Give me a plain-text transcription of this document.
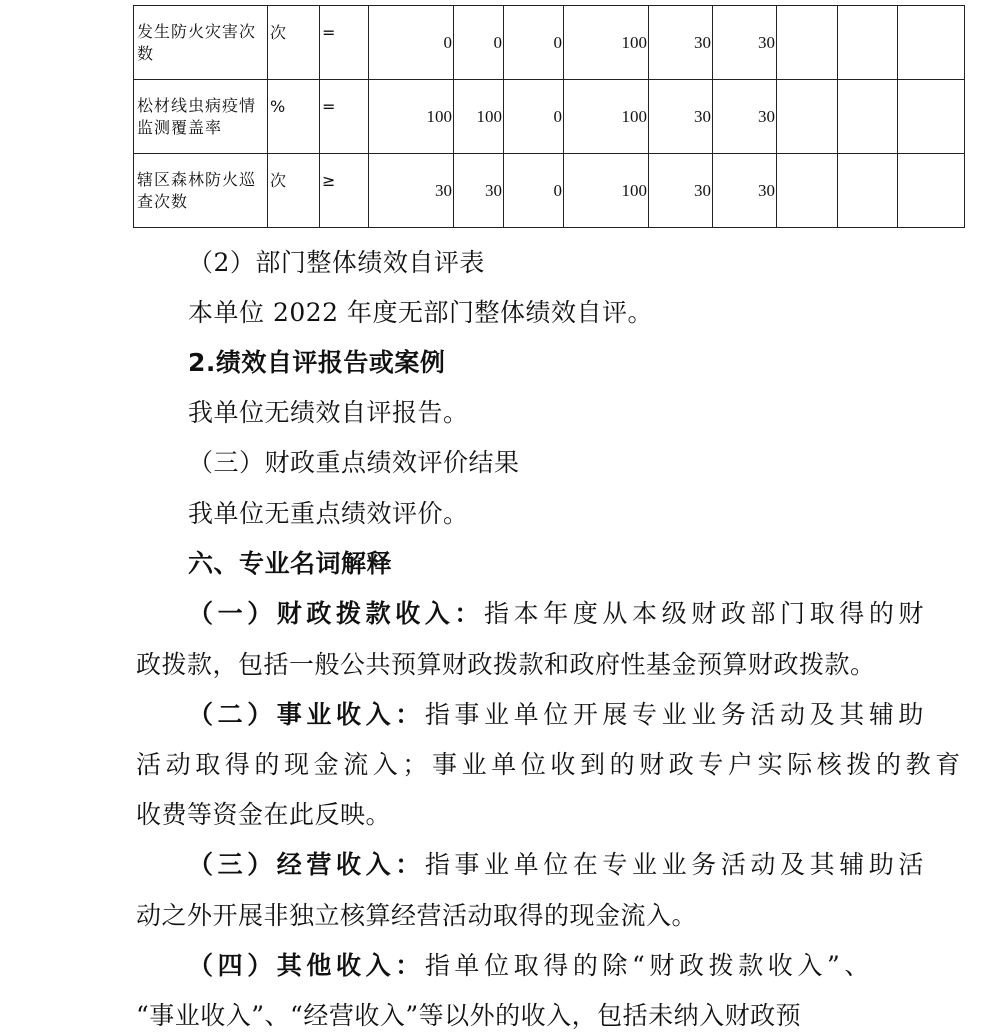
发生防火灾害次数	次	=	0	0	0	100	30	30			
松材线虫病疫情监测覆盖率	%	=	100	100	0	100	30	30			
辖区森林防火巡查次数	次	≥	30	30	0	100	30	30			
（2）部门整体绩效自评表
本单位 2022 年度无部门整体绩效自评。
2.绩效自评报告或案例
我单位无绩效自评报告。
（三）财政重点绩效评价结果
我单位无重点绩效评价。
六、专业名词解释
（一）财政拨款收入：指本年度从本级财政部门取得的财
政拨款，包括一般公共预算财政拨款和政府性基金预算财政拨款。
（二）事业收入：指事业单位开展专业业务活动及其辅助
活动取得的现金流入；事业单位收到的财政专户实际核拨的教育
收费等资金在此反映。
（三）经营收入：指事业单位在专业业务活动及其辅助活
动之外开展非独立核算经营活动取得的现金流入。
（四）其他收入：指单位取得的除“财政拨款收入”、
“事业收入”、“经营收入”等以外的收入，包括未纳入财政预
